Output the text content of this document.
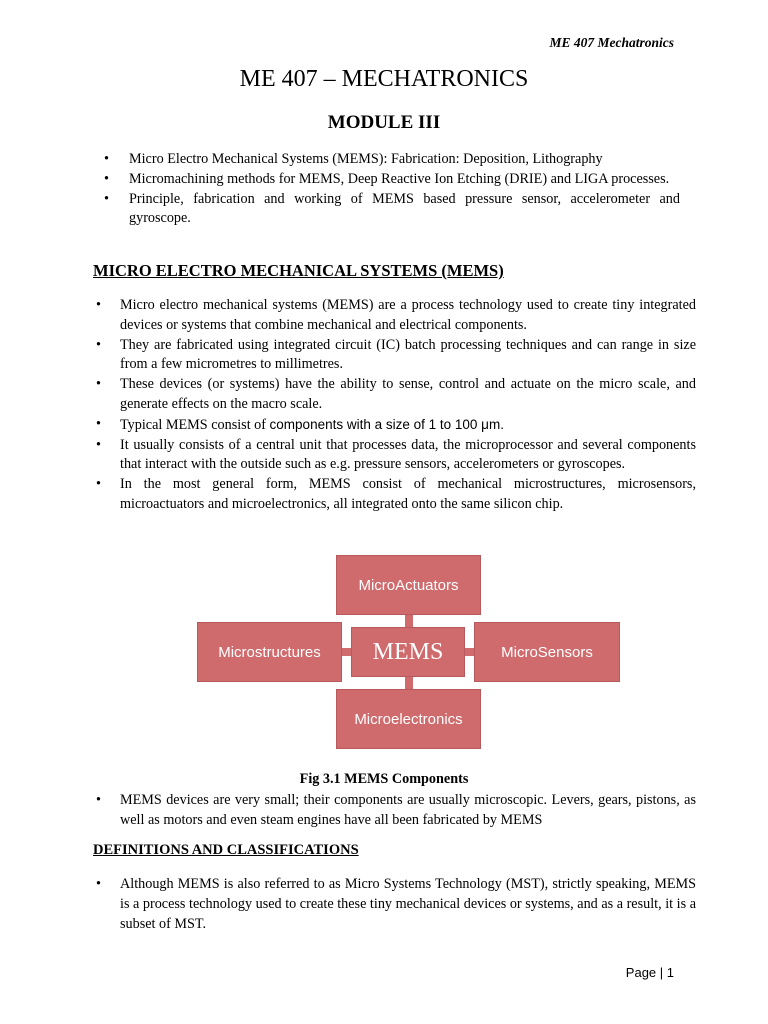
ME 407 Mechatronics
ME 407 – MECHATRONICS
MODULE III
• Micro Electro Mechanical Systems (MEMS): Fabrication: Deposition, Lithography
• Micromachining methods for MEMS, Deep Reactive Ion Etching (DRIE) and LIGA processes.
• Principle, fabrication and working of MEMS based pressure sensor, accelerometer and gyroscope.
MICRO ELECTRO MECHANICAL SYSTEMS (MEMS)
• Micro electro mechanical systems (MEMS) are a process technology used to create tiny integrated devices or systems that combine mechanical and electrical components.
• They are fabricated using integrated circuit (IC) batch processing techniques and can range in size from a few micrometres to millimetres.
• These devices (or systems) have the ability to sense, control and actuate on the micro scale, and generate effects on the macro scale.
• Typical MEMS consist of components with a size of 1 to 100 μm.
• It usually consists of a central unit that processes data, the microprocessor and several components that interact with the outside such as e.g. pressure sensors, accelerometers or gyroscopes.
• In the most general form, MEMS consist of mechanical microstructures, microsensors, microactuators and microelectronics, all integrated onto the same silicon chip.
MicroActuators
Microstructures	MEMS	MicroSensors
Microelectronics
Fig 3.1 MEMS Components
• MEMS devices are very small; their components are usually microscopic. Levers, gears, pistons, as well as motors and even steam engines have all been fabricated by MEMS
DEFINITIONS AND CLASSIFICATIONS
• Although MEMS is also referred to as Micro Systems Technology (MST), strictly speaking, MEMS is a process technology used to create these tiny mechanical devices or systems, and as a result, it is a subset of MST.
Page | 1
